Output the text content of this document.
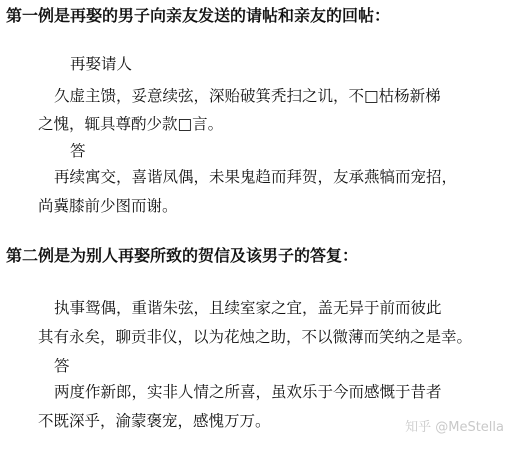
第一例是再娶的男子向亲友发送的请帖和亲友的回帖：
再娶请人
久虚主馈，妥意续弦，深贻破箕秃扫之讥，不□枯杨新梯
之愧，辄具尊酌少款□言。
答
再续寓交，喜谐凤偶，未果鬼趋而拜贺，友承燕犒而宠招，
尚冀膝前少图而谢。
第二例是为别人再娶所致的贺信及该男子的答复：
执事鸳偶，重谐朱弦，且续室家之宜，盖无异于前而彼此
其有永矣，聊贡非仪，以为花烛之助，不以微薄而笑纳之是幸。
答
两度作新郎，实非人情之所喜，虽欢乐于今而感慨于昔者
不既深乎，渝蒙褒宠，感愧万万。	知乎 @MeStella
